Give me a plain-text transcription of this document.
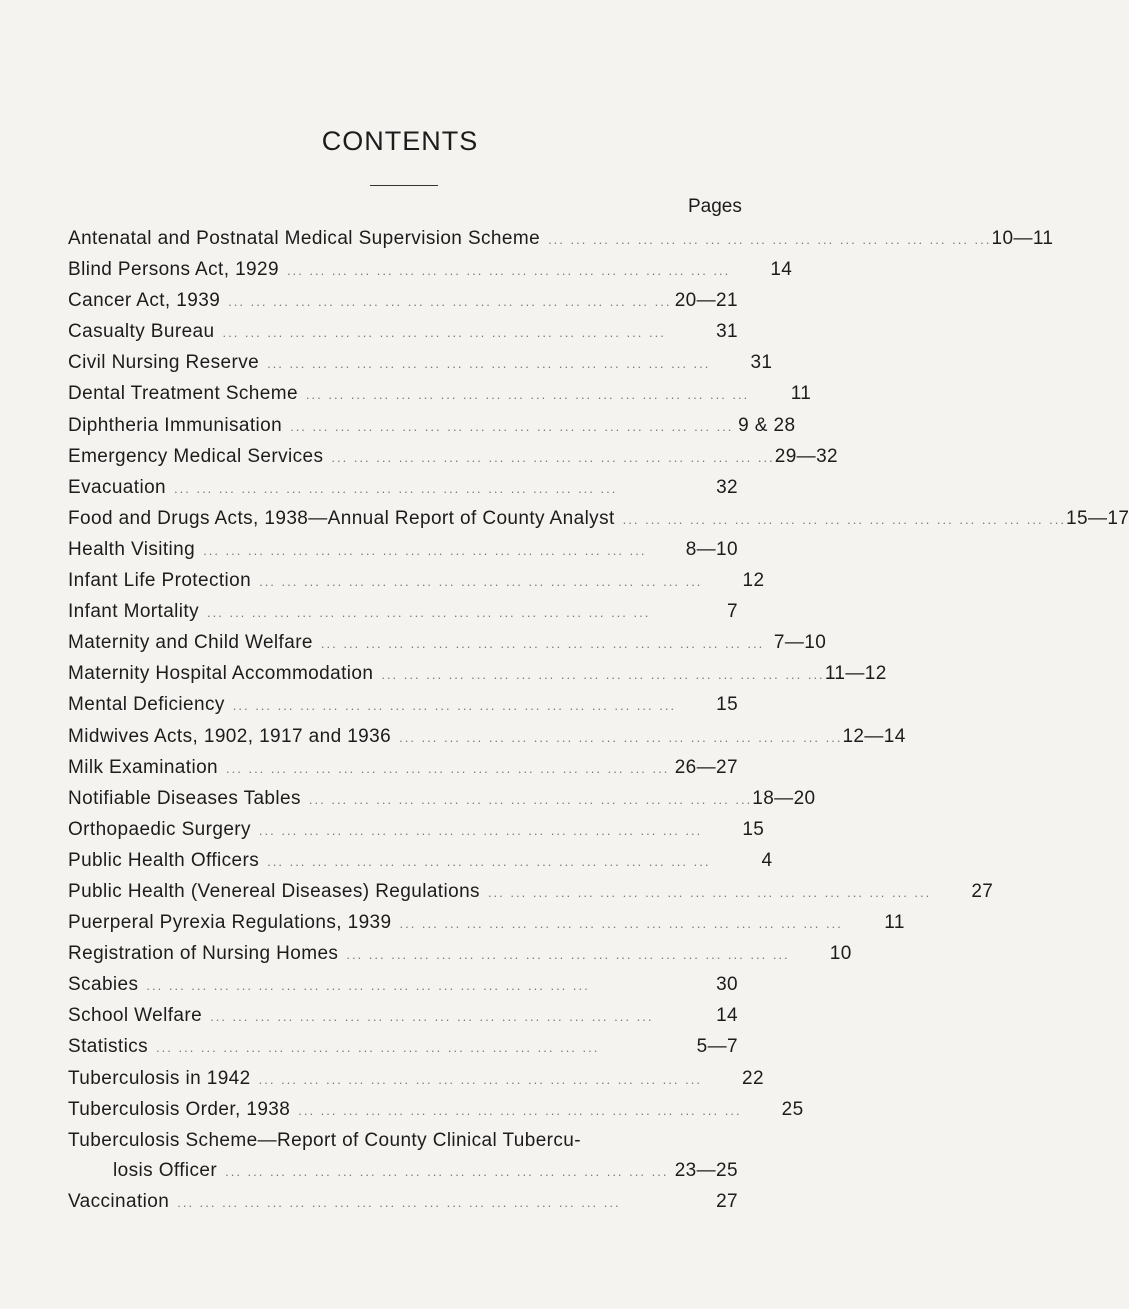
CONTENTS
Pages
Antenatal and Postnatal Medical Supervision Scheme ... .	10—11
Blind Persons Act, 1929 ... .	14
Cancer Act, 1939 ... .	20—21
Casualty Bureau ... .	31
Civil Nursing Reserve ... .	31
Dental Treatment Scheme ... .	11
Diphtheria Immunisation ... .	9 & 28
Emergency Medical Services ... .	29—32
Evacuation ... .	32
Food and Drugs Acts, 1938—Annual Report of County Analyst ... .	15—17
Health Visiting ... .	8—10
Infant Life Protection ... .	12
Infant Mortality ... .	7
Maternity and Child Welfare ... .	7—10
Maternity Hospital Accommodation ... .	11—12
Mental Deficiency ... .	15
Midwives Acts, 1902, 1917 and 1936 ... .	12—14
Milk Examination ... .	26—27
Notifiable Diseases Tables ... .	18—20
Orthopaedic Surgery ... .	15
Public Health Officers ... .	4
Public Health (Venereal Diseases) Regulations ... .	27
Puerperal Pyrexia Regulations, 1939 ... .	11
Registration of Nursing Homes ... .	10
Scabies ... .	30
School Welfare ... .	14
Statistics ... .	5—7
Tuberculosis in 1942 ... .	22
Tuberculosis Order, 1938 ... .	25
Tuberculosis Scheme—Report of County Clinical Tubercu-
losis Officer ... .	23—25
Vaccination ... .	27
